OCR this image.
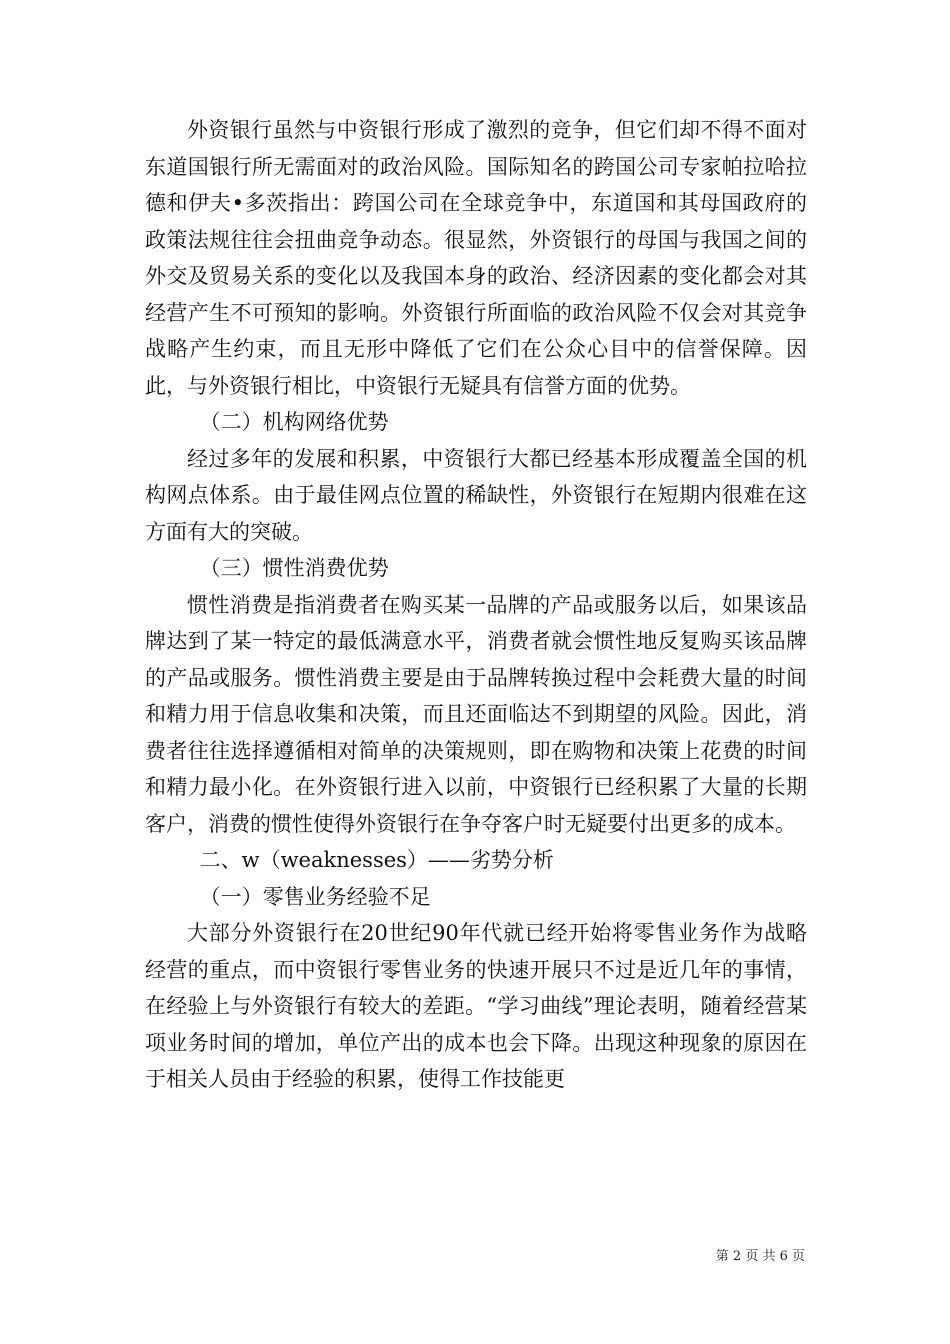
外资银行虽然与中资银行形成了激烈的竞争，但它们却不得不面对东道国银行所无需面对的政治风险。国际知名的跨国公司专家帕拉哈拉德和伊夫•多茨指出：跨国公司在全球竞争中，东道国和其母国政府的政策法规往往会扭曲竞争动态。很显然，外资银行的母国与我国之间的外交及贸易关系的变化以及我国本身的政治、经济因素的变化都会对其经营产生不可预知的影响。外资银行所面临的政治风险不仅会对其竞争战略产生约束，而且无形中降低了它们在公众心目中的信誉保障。因此，与外资银行相比，中资银行无疑具有信誉方面的优势。

（二）机构网络优势

经过多年的发展和积累，中资银行大都已经基本形成覆盖全国的机构网点体系。由于最佳网点位置的稀缺性，外资银行在短期内很难在这方面有大的突破。

（三）惯性消费优势

惯性消费是指消费者在购买某一品牌的产品或服务以后，如果该品牌达到了某一特定的最低满意水平，消费者就会惯性地反复购买该品牌的产品或服务。惯性消费主要是由于品牌转换过程中会耗费大量的时间和精力用于信息收集和决策，而且还面临达不到期望的风险。因此，消费者往往选择遵循相对简单的决策规则，即在购物和决策上花费的时间和精力最小化。在外资银行进入以前，中资银行已经积累了大量的长期客户，消费的惯性使得外资银行在争夺客户时无疑要付出更多的成本。

二、w（weaknesses）——劣势分析

（一）零售业务经验不足

大部分外资银行在20世纪90年代就已经开始将零售业务作为战略经营的重点，而中资银行零售业务的快速开展只不过是近几年的事情，在经验上与外资银行有较大的差距。“学习曲线”理论表明，随着经营某项业务时间的增加，单位产出的成本也会下降。出现这种现象的原因在于相关人员由于经验的积累，使得工作技能更

第 2 页 共 6 页
